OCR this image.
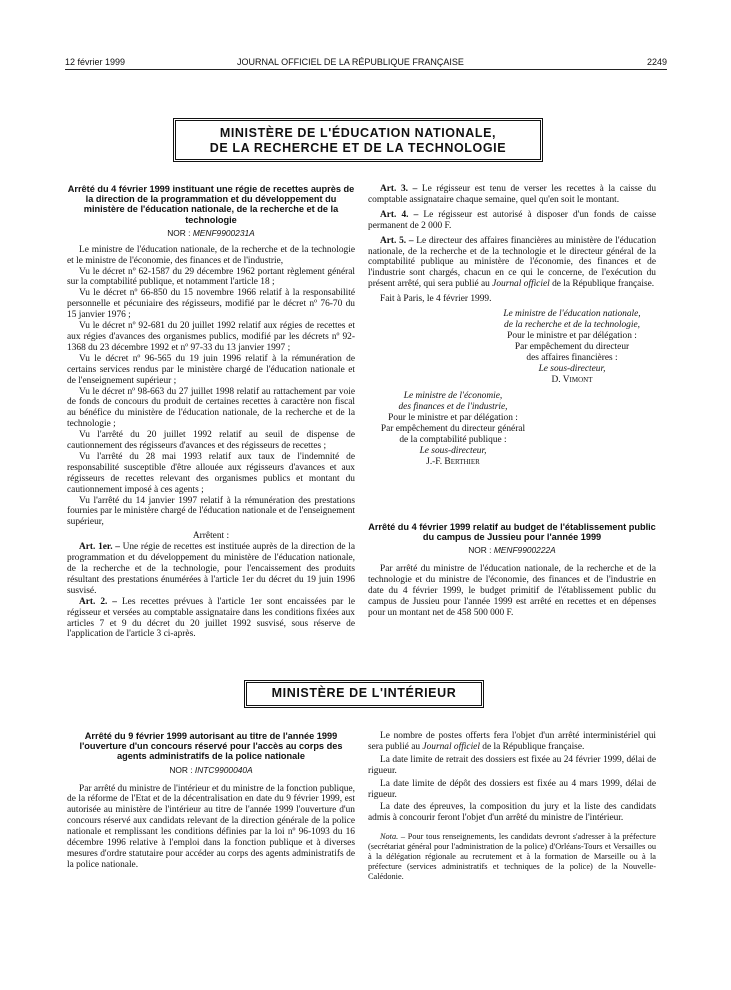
12 février 1999	JOURNAL OFFICIEL DE LA RÉPUBLIQUE FRANÇAISE	2249
MINISTÈRE DE L'ÉDUCATION NATIONALE,
DE LA RECHERCHE ET DE LA TECHNOLOGIE

Arrêté du 4 février 1999 instituant une régie de recettes auprès de la direction de la programmation et du développement du ministère de l'éducation nationale, de la recherche et de la technologie

NOR : MENF9900231A

Le ministre de l'éducation nationale, de la recherche et de la technologie et le ministre de l'économie, des finances et de l'industrie,

Vu le décret nº 62-1587 du 29 décembre 1962 portant règlement général sur la comptabilité publique, et notamment l'article 18 ;

Vu le décret nº 66-850 du 15 novembre 1966 relatif à la responsabilité personnelle et pécuniaire des régisseurs, modifié par le décret nº 76-70 du 15 janvier 1976 ;

Vu le décret nº 92-681 du 20 juillet 1992 relatif aux régies de recettes et aux régies d'avances des organismes publics, modifié par les décrets nº 92-1368 du 23 décembre 1992 et nº 97-33 du 13 janvier 1997 ;

Vu le décret nº 96-565 du 19 juin 1996 relatif à la rémunération de certains services rendus par le ministère chargé de l'éducation nationale et de l'enseignement supérieur ;

Vu le décret nº 98-663 du 27 juillet 1998 relatif au rattachement par voie de fonds de concours du produit de certaines recettes à caractère non fiscal au bénéfice du ministère de l'éducation nationale, de la recherche et de la technologie ;

Vu l'arrêté du 20 juillet 1992 relatif au seuil de dispense de cautionnement des régisseurs d'avances et des régisseurs de recettes ;

Vu l'arrêté du 28 mai 1993 relatif aux taux de l'indemnité de responsabilité susceptible d'être allouée aux régisseurs d'avances et aux régisseurs de recettes relevant des organismes publics et montant du cautionnement imposé à ces agents ;

Vu l'arrêté du 14 janvier 1997 relatif à la rémunération des prestations fournies par le ministère chargé de l'éducation nationale et de l'enseignement supérieur,

Arrêtent :

Art. 1er. – Une régie de recettes est instituée auprès de la direction de la programmation et du développement du ministère de l'éducation nationale, de la recherche et de la technologie, pour l'encaissement des produits résultant des prestations énumérées à l'article 1er du décret du 19 juin 1996 susvisé.

Art. 2. – Les recettes prévues à l'article 1er sont encaissées par le régisseur et versées au comptable assignataire dans les conditions fixées aux articles 7 et 9 du décret du 20 juillet 1992 susvisé, sous réserve de l'application de l'article 3 ci-après.

Art. 3. – Le régisseur est tenu de verser les recettes à la caisse du comptable assignataire chaque semaine, quel qu'en soit le montant.

Art. 4. – Le régisseur est autorisé à disposer d'un fonds de caisse permanent de 2 000 F.

Art. 5. – Le directeur des affaires financières au ministère de l'éducation nationale, de la recherche et de la technologie et le directeur général de la comptabilité publique au ministère de l'économie, des finances et de l'industrie sont chargés, chacun en ce qui le concerne, de l'exécution du présent arrêté, qui sera publié au Journal officiel de la République française.

Fait à Paris, le 4 février 1999.

Le ministre de l'éducation nationale,

de la recherche et de la technologie,

Pour le ministre et par délégation :

Par empêchement du directeur

des affaires financières :

Le sous-directeur,

D. Vimont

Le ministre de l'économie,

des finances et de l'industrie,

Pour le ministre et par délégation :

Par empêchement du directeur général

de la comptabilité publique :

Le sous-directeur,

J.-F. Berthier

Arrêté du 4 février 1999 relatif au budget de l'établissement public du campus de Jussieu pour l'année 1999

NOR : MENF9900222A

Par arrêté du ministre de l'éducation nationale, de la recherche et de la technologie et du ministre de l'économie, des finances et de l'industrie en date du 4 février 1999, le budget primitif de l'établissement public du campus de Jussieu pour l'année 1999 est arrêté en recettes et en dépenses pour un montant net de 458 500 000 F.

MINISTÈRE DE L'INTÉRIEUR

Arrêté du 9 février 1999 autorisant au titre de l'année 1999 l'ouverture d'un concours réservé pour l'accès au corps des agents administratifs de la police nationale

NOR : INTC9900040A

Par arrêté du ministre de l'intérieur et du ministre de la fonction publique, de la réforme de l'Etat et de la décentralisation en date du 9 février 1999, est autorisée au ministère de l'intérieur au titre de l'année 1999 l'ouverture d'un concours réservé aux candidats relevant de la direction générale de la police nationale et remplissant les conditions définies par la loi nº 96-1093 du 16 décembre 1996 relative à l'emploi dans la fonction publique et à diverses mesures d'ordre statutaire pour accéder au corps des agents administratifs de la police nationale.

Le nombre de postes offerts fera l'objet d'un arrêté interministériel qui sera publié au Journal officiel de la République française.

La date limite de retrait des dossiers est fixée au 24 février 1999, délai de rigueur.

La date limite de dépôt des dossiers est fixée au 4 mars 1999, délai de rigueur.

La date des épreuves, la composition du jury et la liste des candidats admis à concourir feront l'objet d'un arrêté du ministre de l'intérieur.

Nota. – Pour tous renseignements, les candidats devront s'adresser à la préfecture (secrétariat général pour l'administration de la police) d'Orléans-Tours et Versailles ou à la délégation régionale au recrutement et à la formation de Marseille ou à la préfecture (services administratifs et techniques de la police) de la Nouvelle-Calédonie.
